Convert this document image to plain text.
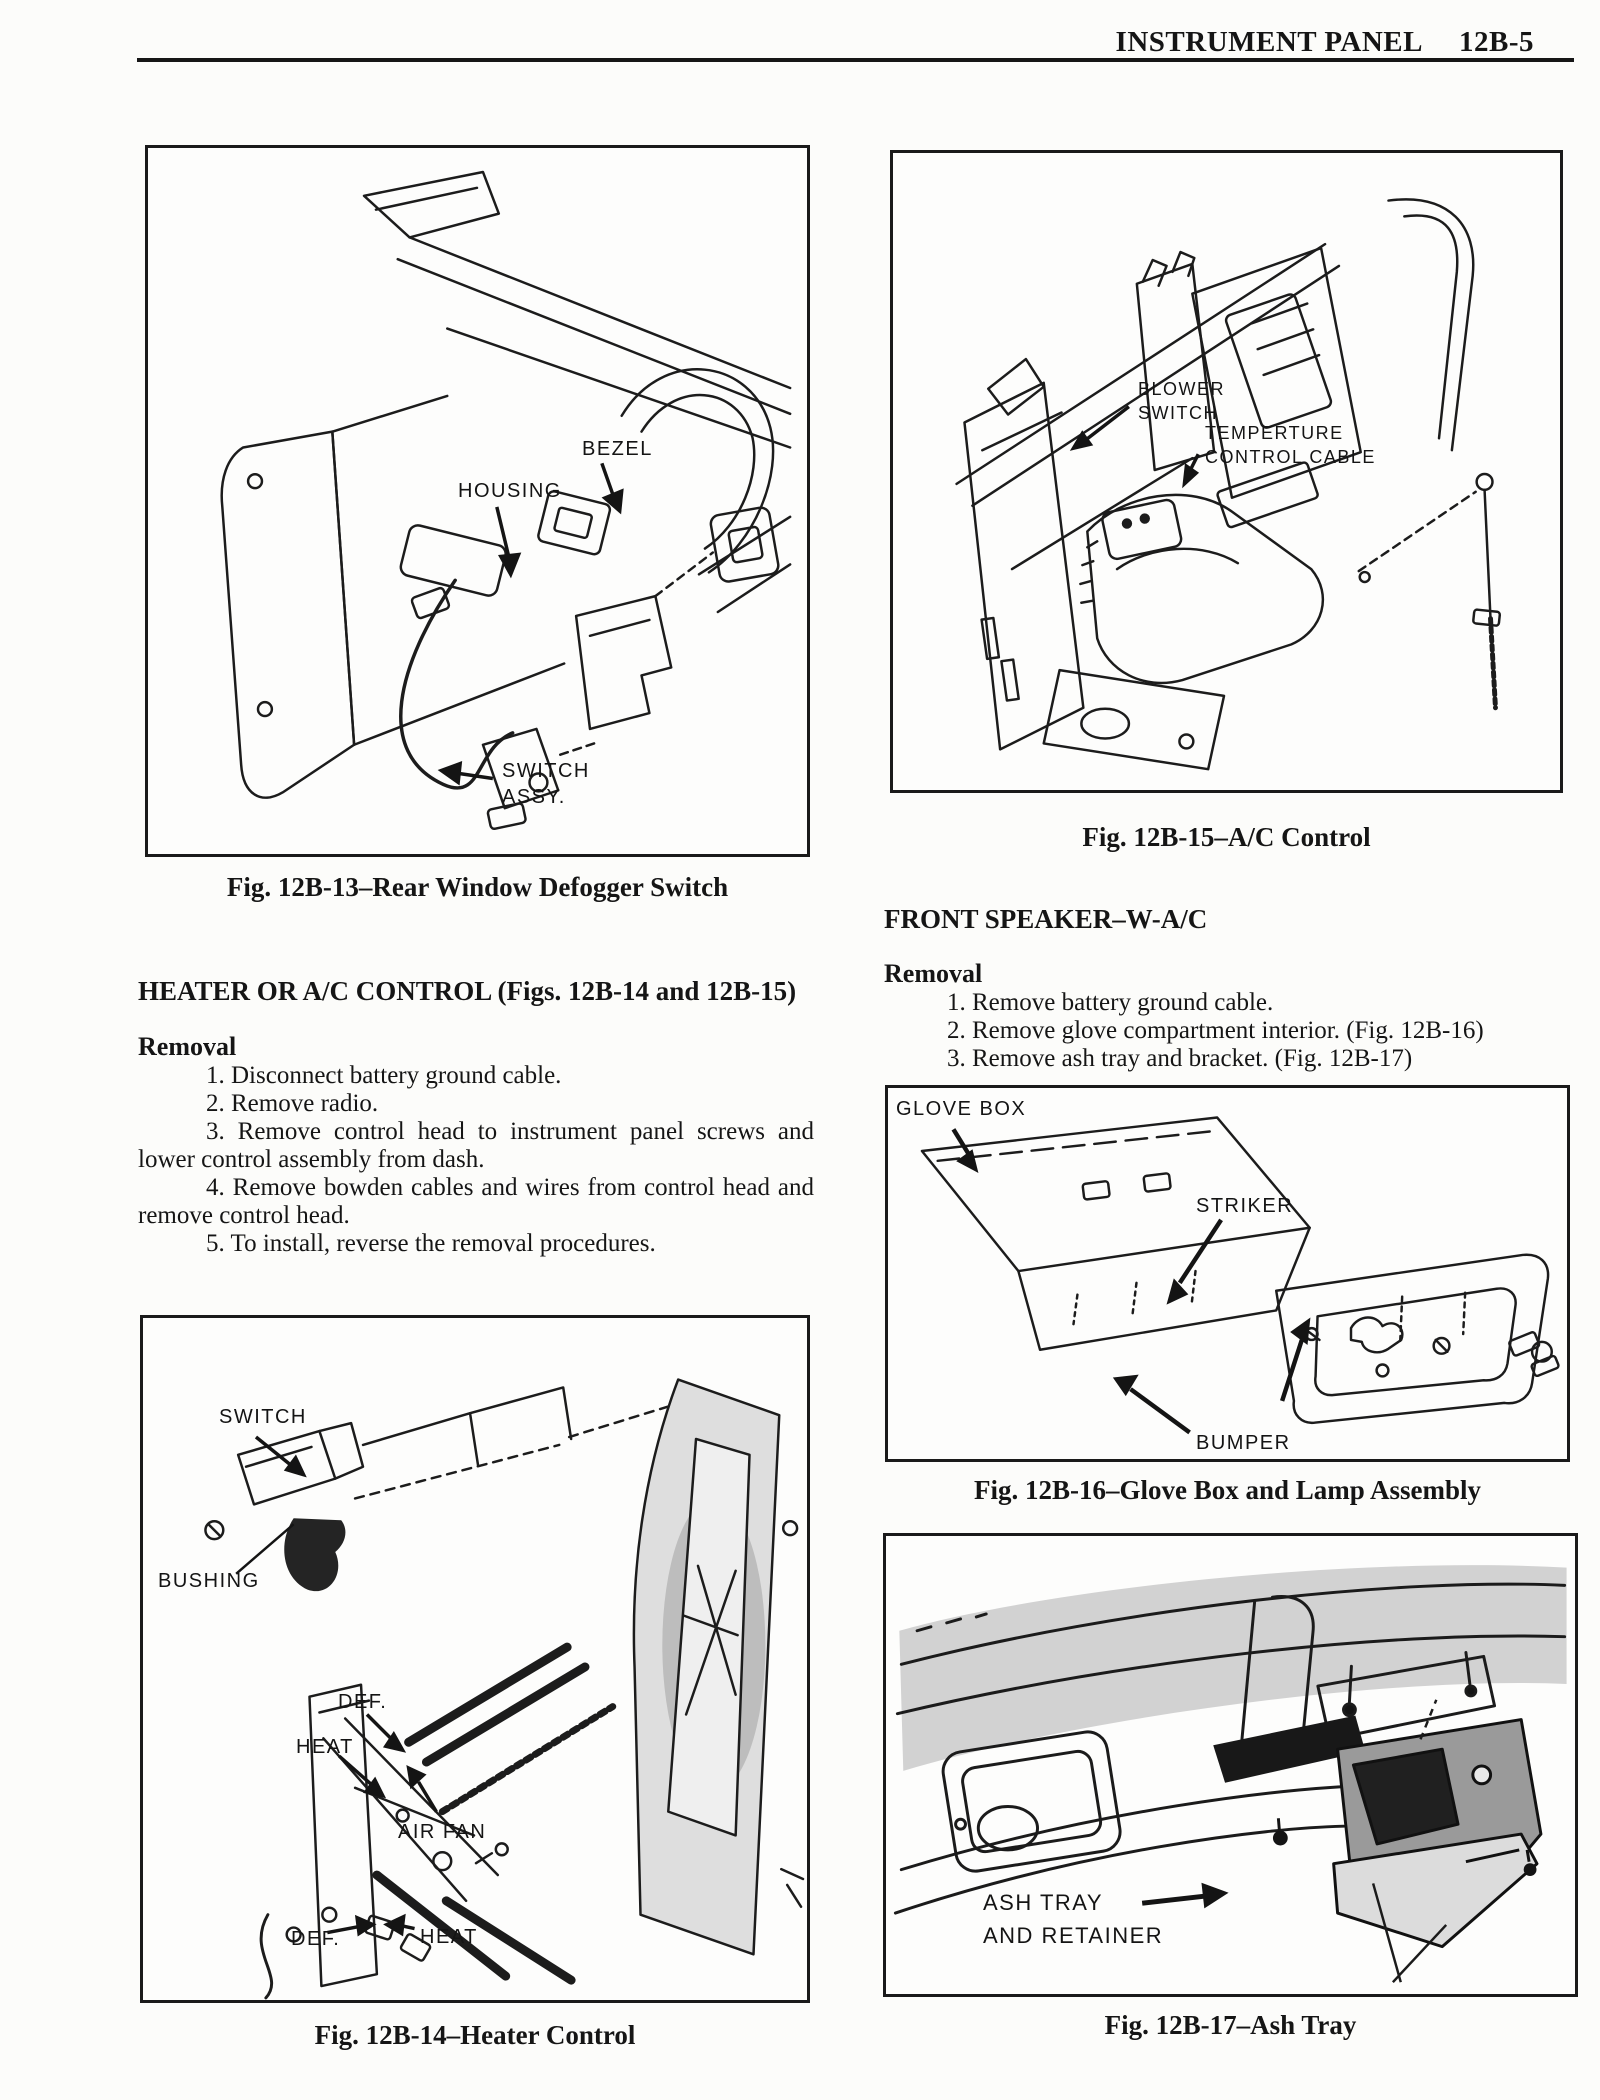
INSTRUMENT PANEL 12B-5
HOUSING
BEZEL
SWITCH
ASSY.
Fig. 12B-13–Rear Window Defogger Switch
HEATER OR A/C CONTROL (Figs. 12B-14 and 12B-15)
Removal
1. Disconnect battery ground cable.
2. Remove radio.
3. Remove control head to instrument panel screws and lower control assembly from dash.
4. Remove bowden cables and wires from control head and remove control head.
5. To install, reverse the removal procedures.
SWITCH
BUSHING
DEF.
HEAT
AIR FAN
DEF.	HEAT
Fig. 12B-14–Heater Control
BLOWER
SWITCH
TEMPERTURE
CONTROL CABLE
Fig. 12B-15–A/C Control
FRONT SPEAKER–W-A/C
Removal
1. Remove battery ground cable.
2. Remove glove compartment interior. (Fig. 12B-16)
3. Remove ash tray and bracket. (Fig. 12B-17)
GLOVE BOX
STRIKER
BUMPER
Fig. 12B-16–Glove Box and Lamp Assembly
ASH TRAY
AND RETAINER
Fig. 12B-17–Ash Tray
